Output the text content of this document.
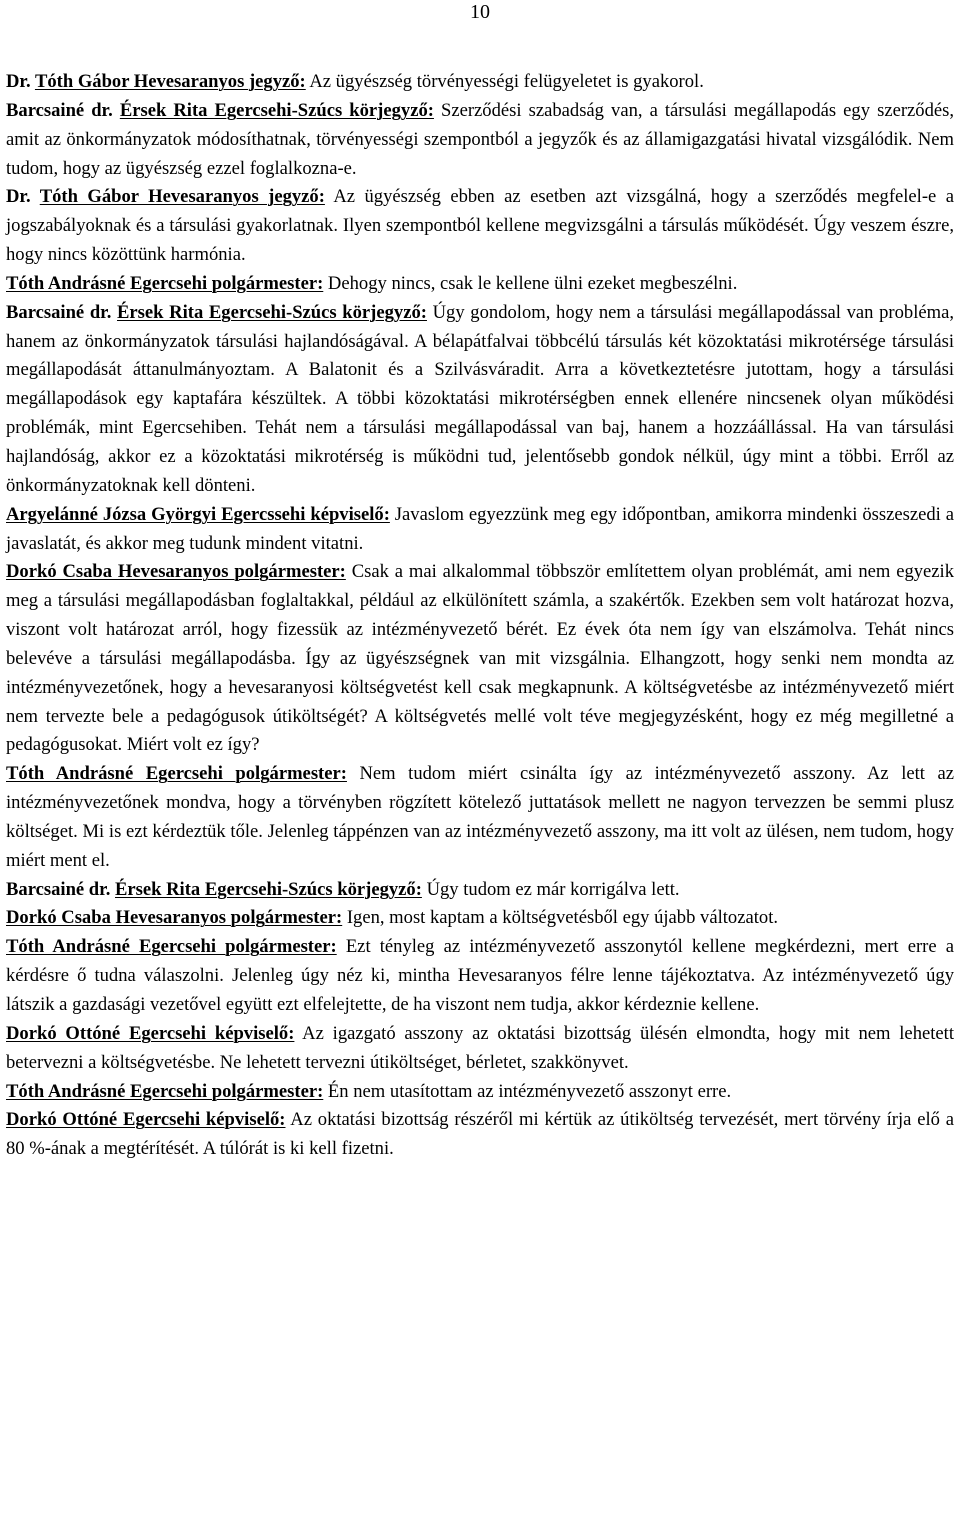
10

Dr. Tóth Gábor Hevesaranyos jegyző: Az ügyészség törvényességi felügyeletet is gyakorol.

Barcsainé dr. Érsek Rita Egercsehi-Szúcs körjegyző: Szerződési szabadság van, a társulási megállapodás egy szerződés, amit az önkormányzatok módosíthatnak, törvényességi szempontból a jegyzők és az államigazgatási hivatal vizsgálódik. Nem tudom, hogy az ügyészség ezzel foglalkozna-e.

Dr. Tóth Gábor Hevesaranyos jegyző: Az ügyészség ebben az esetben azt vizsgálná, hogy a szerződés megfelel-e a jogszabályoknak és a társulási gyakorlatnak. Ilyen szempontból kellene megvizsgálni a társulás működését. Úgy veszem észre, hogy nincs közöttünk harmónia.

Tóth Andrásné Egercsehi polgármester: Dehogy nincs, csak le kellene ülni ezeket megbeszélni.

Barcsainé dr. Érsek Rita Egercsehi-Szúcs körjegyző: Úgy gondolom, hogy nem a társulási megállapodással van probléma, hanem az önkormányzatok társulási hajlandóságával. A bélapátfalvai többcélú társulás két közoktatási mikrotérsége társulási megállapodását áttanulmányoztam. A Balatonit és a Szilvásváradit. Arra a következtetésre jutottam, hogy a társulási megállapodások egy kaptafára készültek. A többi közoktatási mikrotérségben ennek ellenére nincsenek olyan működési problémák, mint Egercsehiben. Tehát nem a társulási megállapodással van baj, hanem a hozzáállással. Ha van társulási hajlandóság, akkor ez a közoktatási mikrotérség is működni tud, jelentősebb gondok nélkül, úgy mint a többi. Erről az önkormányzatoknak kell dönteni.

Argyelánné Józsa Györgyi Egercssehi képviselő: Javaslom egyezzünk meg egy időpontban, amikorra mindenki összeszedi a javaslatát, és akkor meg tudunk mindent vitatni.

Dorkó Csaba Hevesaranyos polgármester: Csak a mai alkalommal többször említettem olyan problémát, ami nem egyezik meg a társulási megállapodásban foglaltakkal, például az elkülönített számla, a szakértők. Ezekben sem volt határozat hozva, viszont volt határozat arról, hogy fizessük az intézményvezető bérét. Ez évek óta nem így van elszámolva. Tehát nincs belevéve a társulási megállapodásba. Így az ügyészségnek van mit vizsgálnia. Elhangzott, hogy senki nem mondta az intézményvezetőnek, hogy a hevesaranyosi költségvetést kell csak megkapnunk. A költségvetésbe az intézményvezető miért nem tervezte bele a pedagógusok útiköltségét? A költségvetés mellé volt téve megjegyzésként, hogy ez még megilletné a pedagógusokat. Miért volt ez így?

Tóth Andrásné Egercsehi polgármester: Nem tudom miért csinálta így az intézményvezető asszony. Az lett az intézményvezetőnek mondva, hogy a törvényben rögzített kötelező juttatások mellett ne nagyon tervezzen be semmi plusz költséget. Mi is ezt kérdeztük tőle. Jelenleg táppénzen van az intézményvezető asszony, ma itt volt az ülésen, nem tudom, hogy miért ment el.

Barcsainé dr. Érsek Rita Egercsehi-Szúcs körjegyző: Úgy tudom ez már korrigálva lett.

Dorkó Csaba Hevesaranyos polgármester: Igen, most kaptam a költségvetésből egy újabb változatot.

Tóth Andrásné Egercsehi polgármester: Ezt tényleg az intézményvezető asszonytól kellene megkérdezni, mert erre a kérdésre ő tudna válaszolni. Jelenleg úgy néz ki, mintha Hevesaranyos félre lenne tájékoztatva. Az intézményvezető úgy látszik a gazdasági vezetővel együtt ezt elfelejtette, de ha viszont nem tudja, akkor kérdeznie kellene.

Dorkó Ottóné Egercsehi képviselő: Az igazgató asszony az oktatási bizottság ülésén elmondta, hogy mit nem lehetett betervezni a költségvetésbe. Ne lehetett tervezni útiköltséget, bérletet, szakkönyvet.

Tóth Andrásné Egercsehi polgármester: Én nem utasítottam az intézményvezető asszonyt erre.

Dorkó Ottóné Egercsehi képviselő: Az oktatási bizottság részéről mi kértük az útiköltség tervezését, mert törvény írja elő a 80 %-ának a megtérítését. A túlórát is ki kell fizetni.
